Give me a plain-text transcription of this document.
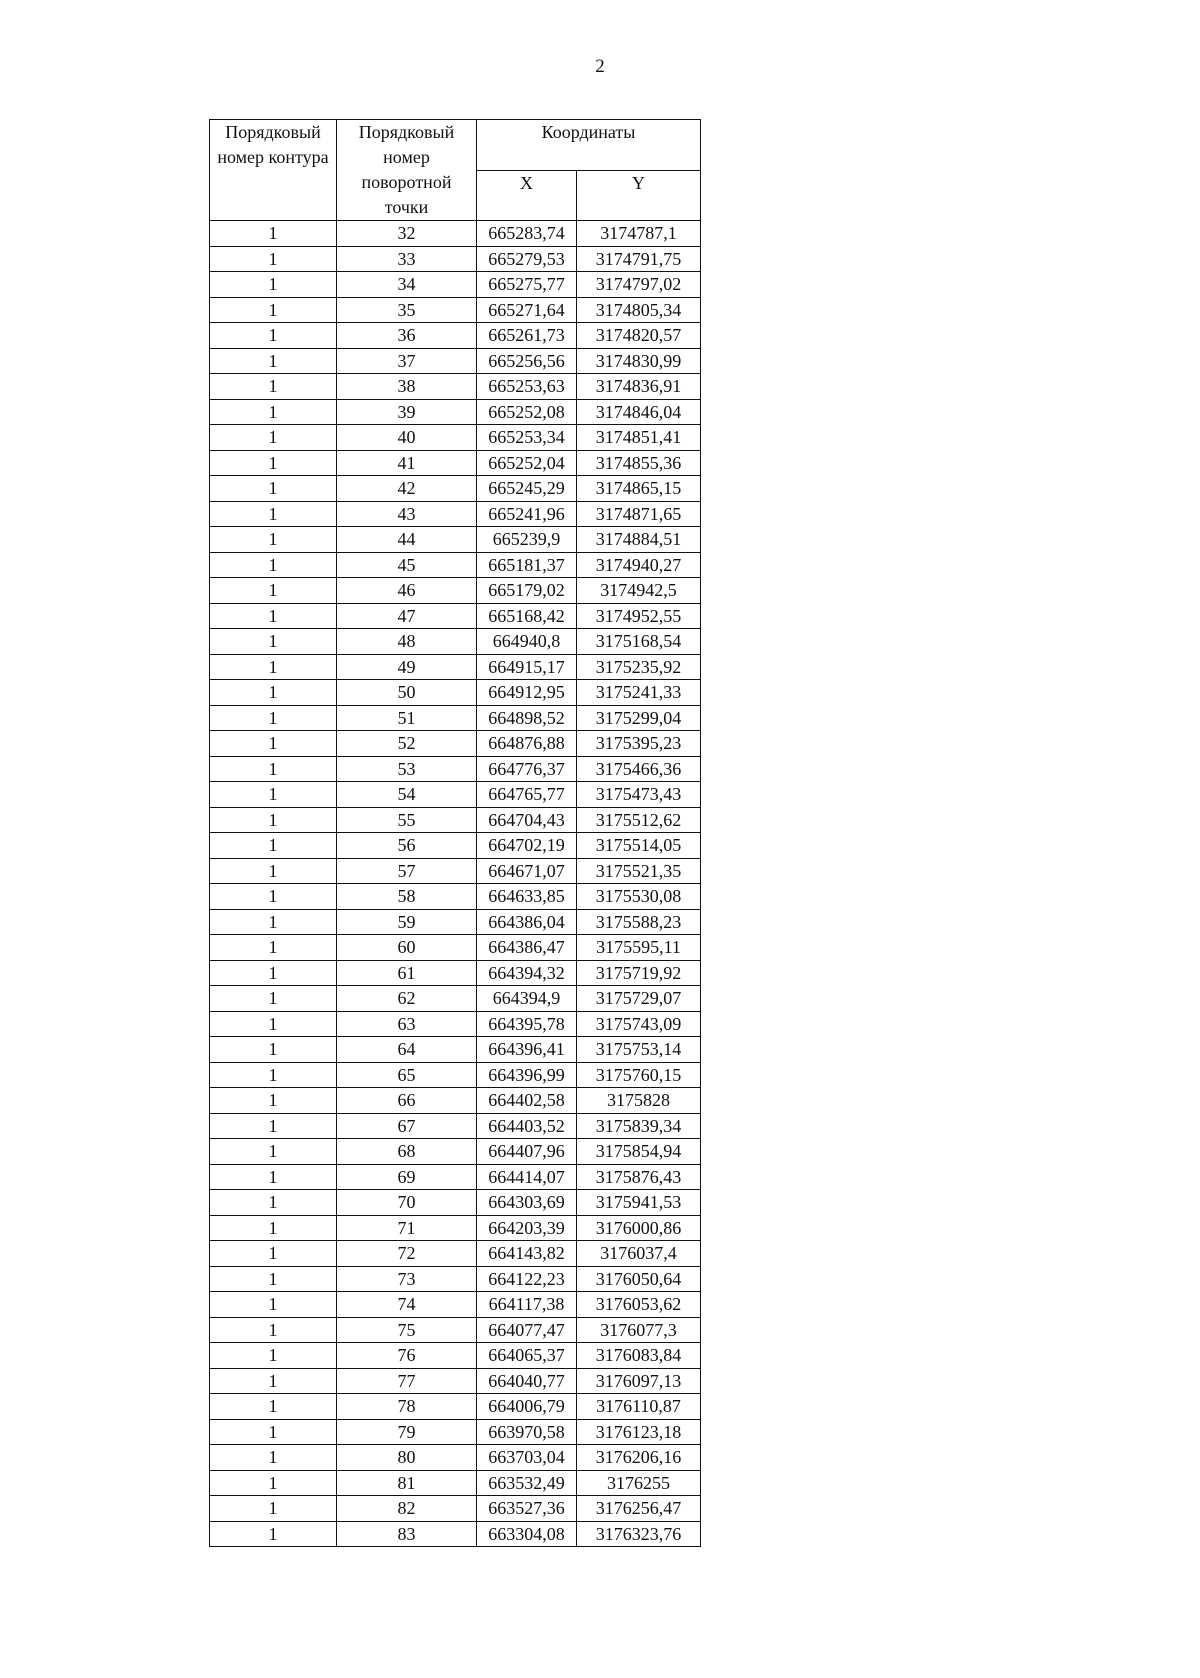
2
Порядковый номер контура	Порядковый номер поворотной точки	Координаты	
		X	Y
1	32	665283,74	3174787,1
1	33	665279,53	3174791,75
1	34	665275,77	3174797,02
1	35	665271,64	3174805,34
1	36	665261,73	3174820,57
1	37	665256,56	3174830,99
1	38	665253,63	3174836,91
1	39	665252,08	3174846,04
1	40	665253,34	3174851,41
1	41	665252,04	3174855,36
1	42	665245,29	3174865,15
1	43	665241,96	3174871,65
1	44	665239,9	3174884,51
1	45	665181,37	3174940,27
1	46	665179,02	3174942,5
1	47	665168,42	3174952,55
1	48	664940,8	3175168,54
1	49	664915,17	3175235,92
1	50	664912,95	3175241,33
1	51	664898,52	3175299,04
1	52	664876,88	3175395,23
1	53	664776,37	3175466,36
1	54	664765,77	3175473,43
1	55	664704,43	3175512,62
1	56	664702,19	3175514,05
1	57	664671,07	3175521,35
1	58	664633,85	3175530,08
1	59	664386,04	3175588,23
1	60	664386,47	3175595,11
1	61	664394,32	3175719,92
1	62	664394,9	3175729,07
1	63	664395,78	3175743,09
1	64	664396,41	3175753,14
1	65	664396,99	3175760,15
1	66	664402,58	3175828
1	67	664403,52	3175839,34
1	68	664407,96	3175854,94
1	69	664414,07	3175876,43
1	70	664303,69	3175941,53
1	71	664203,39	3176000,86
1	72	664143,82	3176037,4
1	73	664122,23	3176050,64
1	74	664117,38	3176053,62
1	75	664077,47	3176077,3
1	76	664065,37	3176083,84
1	77	664040,77	3176097,13
1	78	664006,79	3176110,87
1	79	663970,58	3176123,18
1	80	663703,04	3176206,16
1	81	663532,49	3176255
1	82	663527,36	3176256,47
1	83	663304,08	3176323,76
